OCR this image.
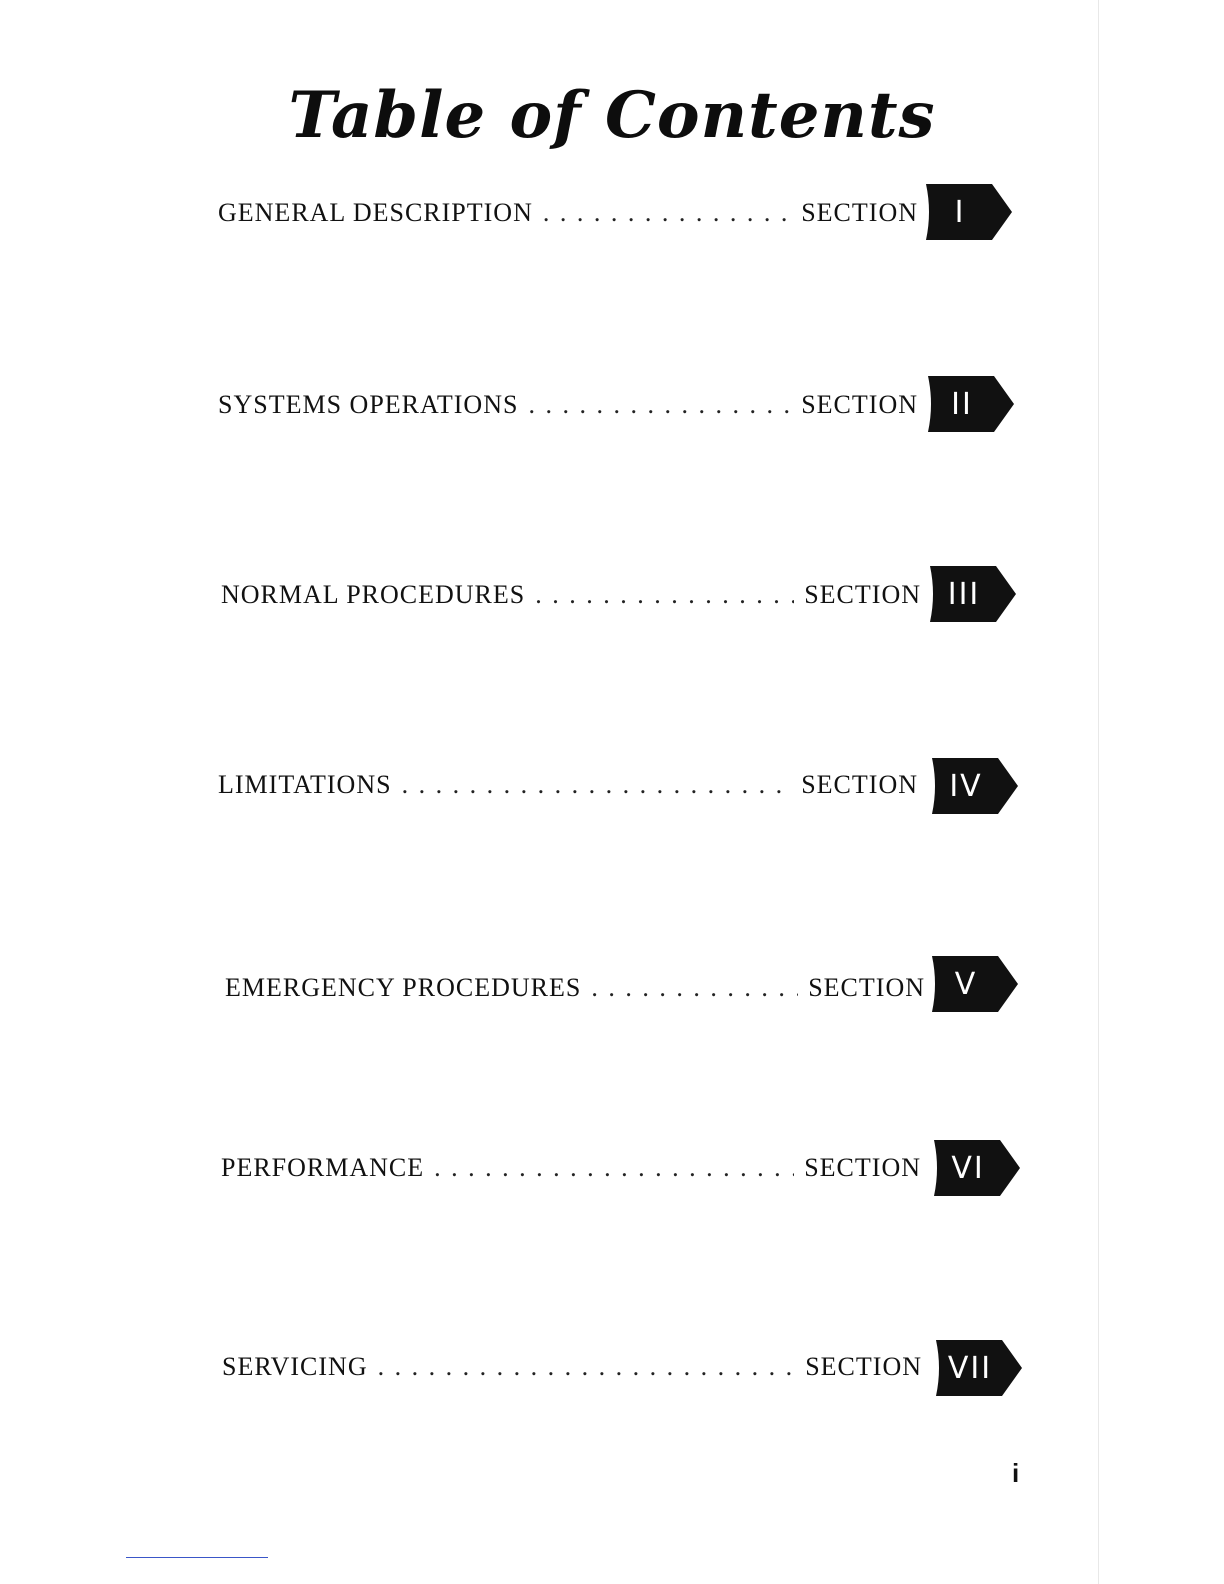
Table of Contents
GENERAL DESCRIPTION . . .	SECTION	I
SYSTEMS OPERATIONS . . .	SECTION	II
NORMAL PROCEDURES . . .	SECTION III
LIMITATIONS . . .	SECTION	IV
EMERGENCY PROCEDURES . . .	SECTION V
PERFORMANCE . . .	SECTION	VI
SERVICING . . .	SECTION VII
i
